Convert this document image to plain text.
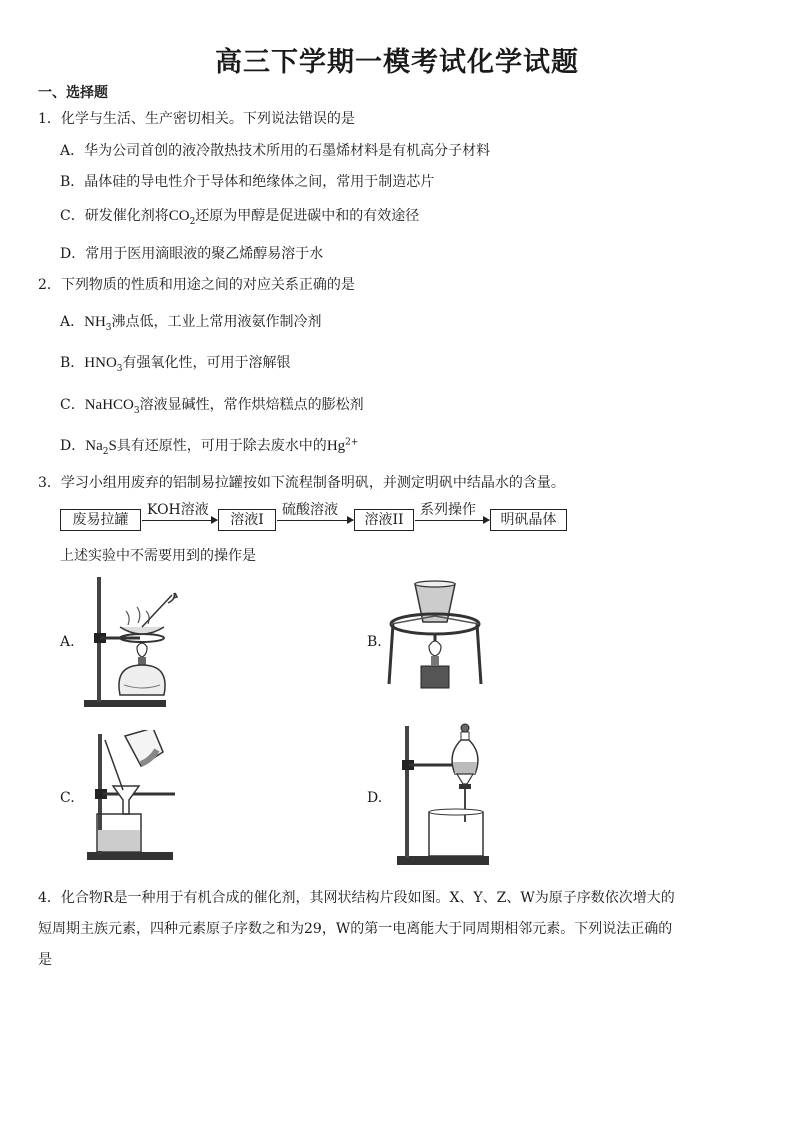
高三下学期一模考试化学试题
一、选择题
1．化学与生活、生产密切相关。下列说法错误的是
A．华为公司首创的液冷散热技术所用的石墨烯材料是有机高分子材料
B．晶体硅的导电性介于导体和绝缘体之间，常用于制造芯片
C．研发催化剂将$CO_2$还原为甲醇是促进碳中和的有效途径
D．常用于医用滴眼液的聚乙烯醇易溶于水
2．下列物质的性质和用途之间的对应关系正确的是
A．$NH_3$沸点低，工业上常用液氨作制冷剂
B．$HNO_3$有强氧化性，可用于溶解银
C．NaHCO$_3$溶液显碱性，常作烘焙糕点的膨松剂
D．$Na_2S$具有还原性，可用于除去废水中的$Hg^{2+}$
3．学习小组用废弃的铝制易拉罐按如下流程制备明矾，并测定明矾中结晶水的含量。
废易拉罐
KOH溶液
溶液I
硫酸溶液
溶液II
系列操作
明矾晶体
上述实验中不需要用到的操作是
A.	B.
C.	D.
4．化合物R是一种用于有机合成的催化剂，其网状结构片段如图。X、Y、Z、W为原子序数依次增大的
短周期主族元素，四种元素原子序数之和为29，W的第一电离能大于同周期相邻元素。下列说法正确的
是
